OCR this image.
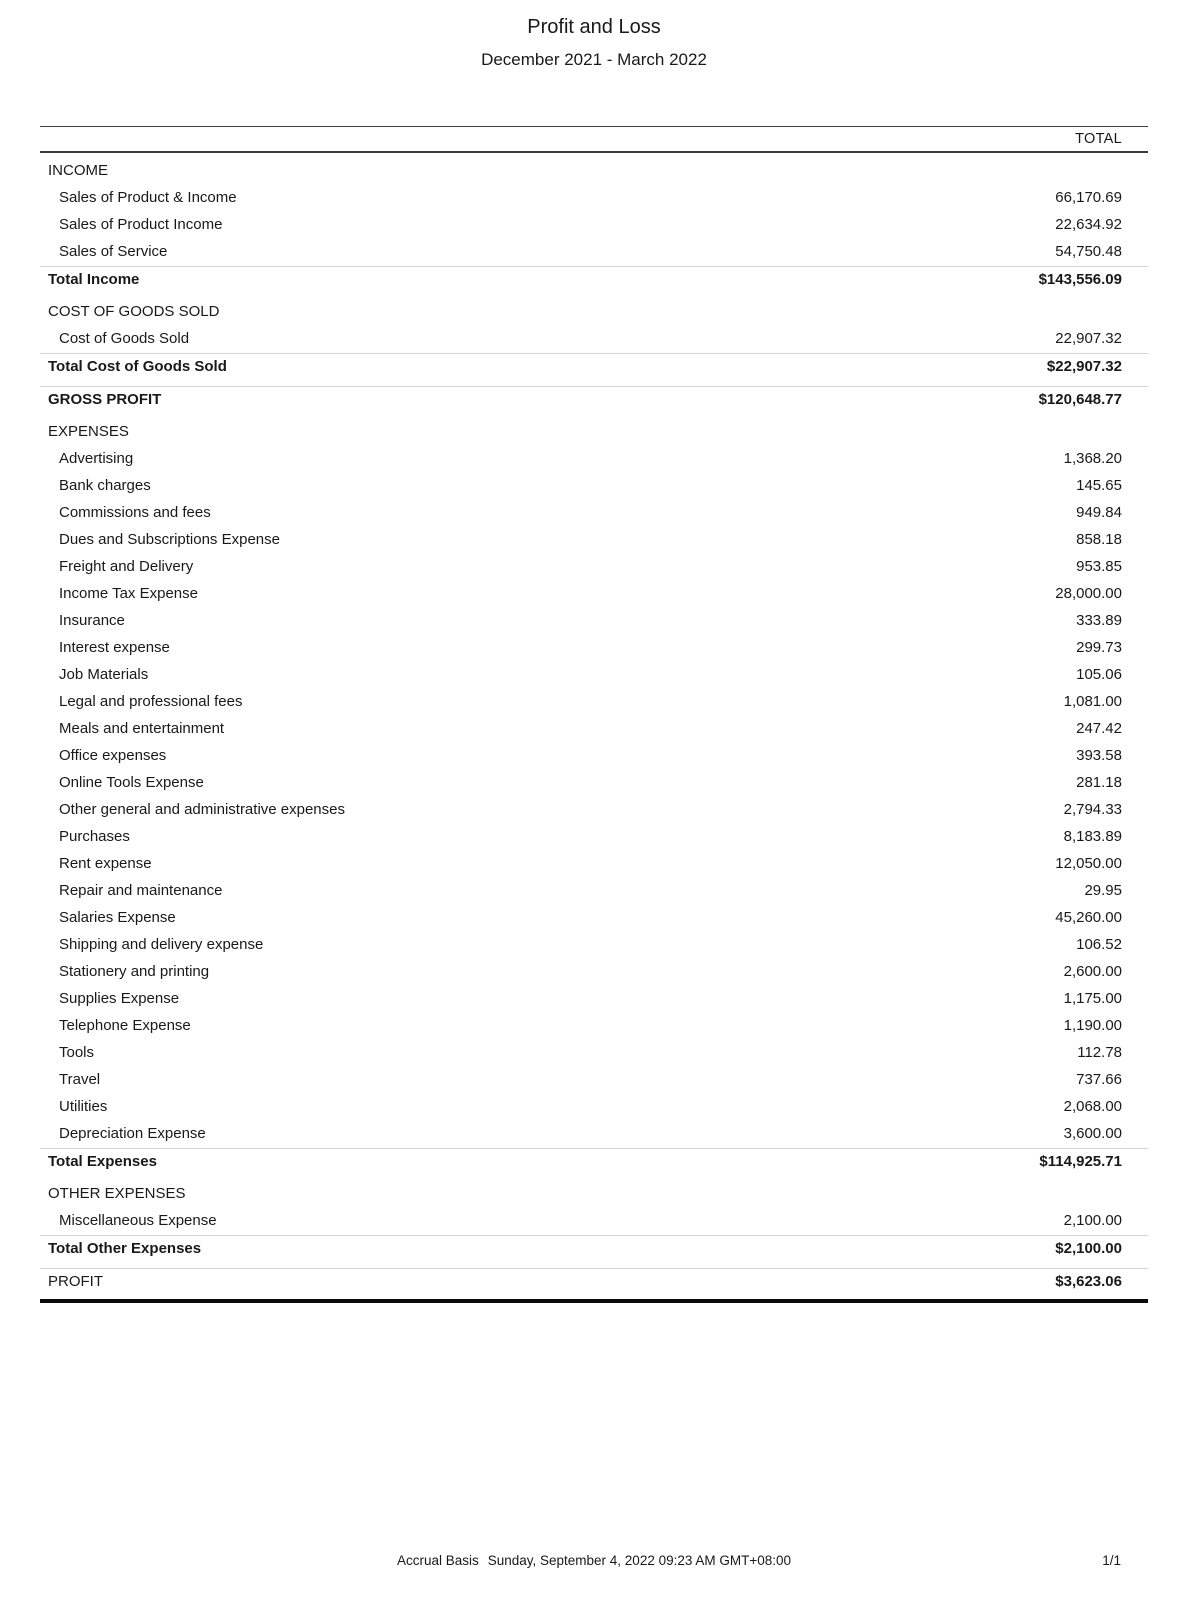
Profit and Loss
December 2021 - March 2022
TOTAL
INCOME
Sales of Product & Income	66,170.69
Sales of Product Income	22,634.92
Sales of Service	54,750.48
Total Income	$143,556.09
COST OF GOODS SOLD
Cost of Goods Sold	22,907.32
Total Cost of Goods Sold	$22,907.32
GROSS PROFIT	$120,648.77
EXPENSES
Advertising	1,368.20
Bank charges	145.65
Commissions and fees	949.84
Dues and Subscriptions Expense	858.18
Freight and Delivery	953.85
Income Tax Expense	28,000.00
Insurance	333.89
Interest expense	299.73
Job Materials	105.06
Legal and professional fees	1,081.00
Meals and entertainment	247.42
Office expenses	393.58
Online Tools Expense	281.18
Other general and administrative expenses	2,794.33
Purchases	8,183.89
Rent expense	12,050.00
Repair and maintenance	29.95
Salaries Expense	45,260.00
Shipping and delivery expense	106.52
Stationery and printing	2,600.00
Supplies Expense	1,175.00
Telephone Expense	1,190.00
Tools	112.78
Travel	737.66
Utilities	2,068.00
Depreciation Expense	3,600.00
Total Expenses	$114,925.71
OTHER EXPENSES
Miscellaneous Expense	2,100.00
Total Other Expenses	$2,100.00
PROFIT	$3,623.06
Accrual Basis Sunday, September 4, 2022 09:23 AM GMT+08:00	1/1
